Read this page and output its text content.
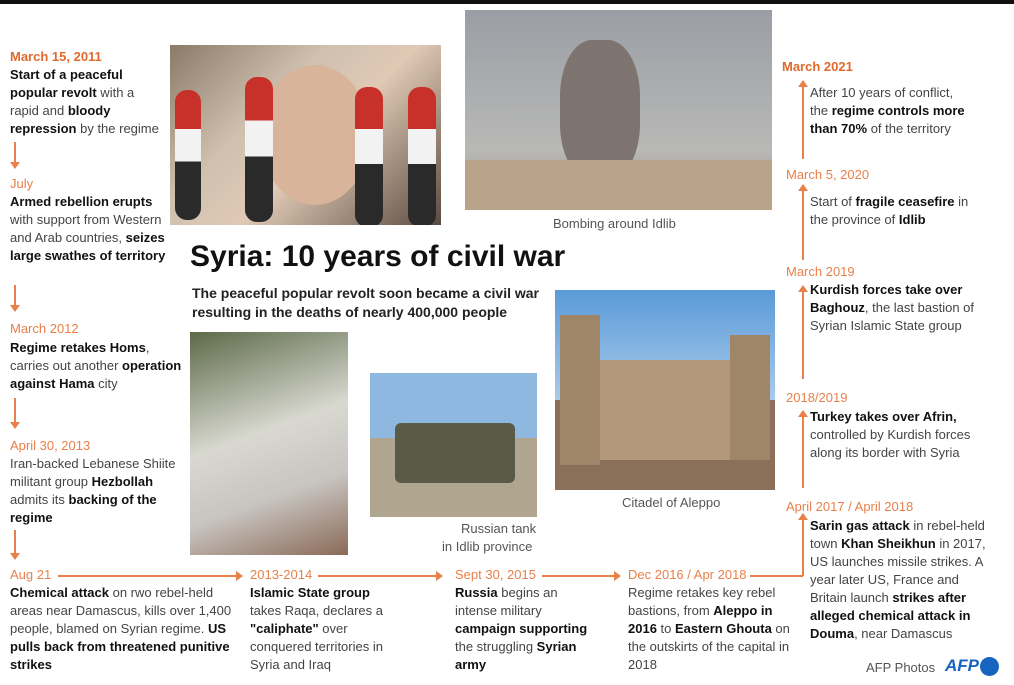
Bombing around Idlib
Russian tank
in Idlib province
Citadel of Aleppo
Syria: 10 years of civil war
The peaceful popular revolt soon became a civil war resulting in the deaths of nearly 400,000 people
March 15, 2011
Start of a peaceful popular revolt with a rapid and bloody repression by the regime
July
Armed rebellion erupts with support from Western and Arab countries, seizes large swathes of territory
March 2012
Regime retakes Homs, carries out another operation against Hama city
April 30, 2013
Iran-backed Lebanese Shiite militant group Hezbollah admits its backing of the regime
Aug 21
Chemical attack on rwo rebel-held areas near Damascus, kills over 1,400 people, blamed on Syrian regime. US pulls back from threatened punitive strikes
2013-2014
Islamic State group takes Raqa, declares a "caliphate" over conquered territories in Syria and Iraq
Sept 30, 2015
Russia begins an intense military campaign supporting the struggling Syrian army
Dec 2016 / Apr 2018
Regime retakes key rebel bastions, from Aleppo in 2016 to Eastern Ghouta on the outskirts of the capital in 2018
March 2021
After 10 years of conflict, the regime controls more than 70% of the territory
March 5, 2020
Start of fragile ceasefire in the province of Idlib
March 2019
Kurdish forces take over Baghouz, the last bastion of Syrian Islamic State group
2018/2019
Turkey takes over Afrin, controlled by Kurdish forces along its border with Syria
April 2017 / April 2018
Sarin gas attack in rebel-held town Khan Sheikhun in 2017, US launches missile strikes. A year later US, France and Britain launch strikes after alleged chemical attack in Douma, near Damascus
AFP Photos AFP
